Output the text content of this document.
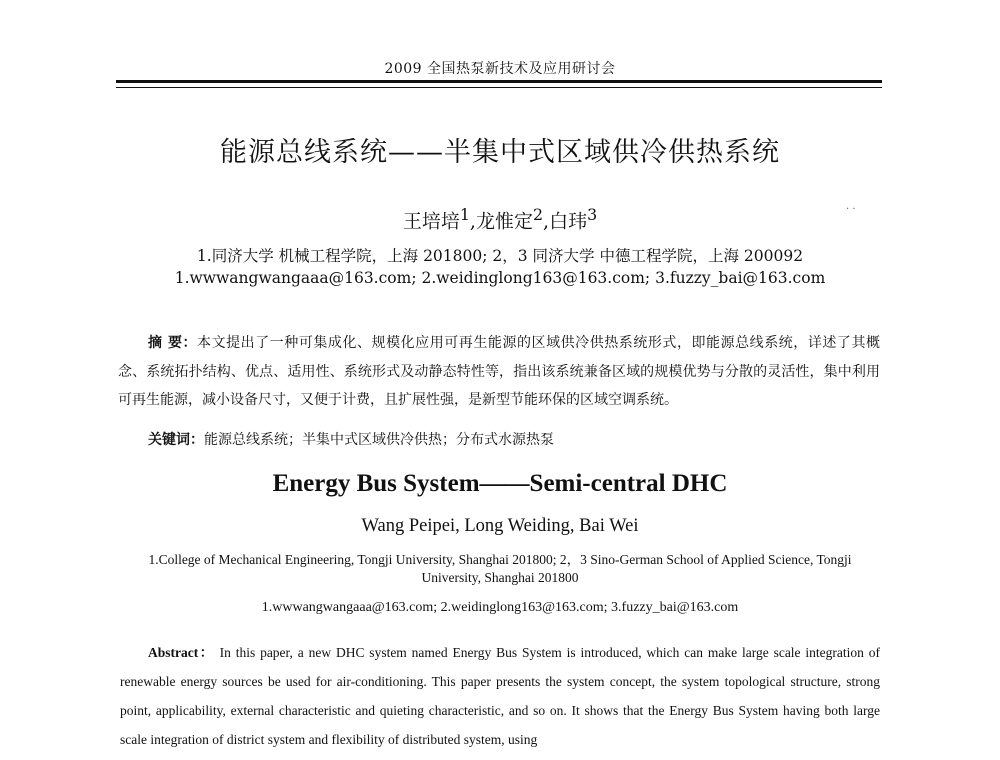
2009 全国热泵新技术及应用研讨会
能源总线系统——半集中式区域供冷供热系统
王培培$^1$,龙惟定$^2$,白玮$^3$	· ·
1.同济大学 机械工程学院，上海 201800; 2，3 同济大学 中德工程学院，上海 200092
1.wwwangwangaaa@163.com; 2.weidinglong163@163.com; 3.fuzzy_bai@163.com
摘 要：本文提出了一种可集成化、规模化应用可再生能源的区域供冷供热系统形式，即能源总线系统，详述了其概念、系统拓扑结构、优点、适用性、系统形式及动静态特性等，指出该系统兼备区域的规模优势与分散的灵活性，集中利用可再生能源，减小设备尺寸，又便于计费，且扩展性强，是新型节能环保的区域空调系统。
关键词：能源总线系统；半集中式区域供冷供热；分布式水源热泵
Energy Bus System——Semi-central DHC
Wang Peipei, Long Weiding, Bai Wei
1.College of Mechanical Engineering, Tongji University, Shanghai 201800; 2，3 Sino-German School of Applied Science, Tongji University, Shanghai 201800
1.wwwangwangaaa@163.com; 2.weidinglong163@163.com; 3.fuzzy_bai@163.com
Abstract： In this paper, a new DHC system named Energy Bus System is introduced, which can make large scale integration of renewable energy sources be used for air-conditioning. This paper presents the system concept, the system topological structure, strong point, applicability, external characteristic and quieting characteristic, and so on. It shows that the Energy Bus System having both large scale integration of district system and flexibility of distributed system, using
